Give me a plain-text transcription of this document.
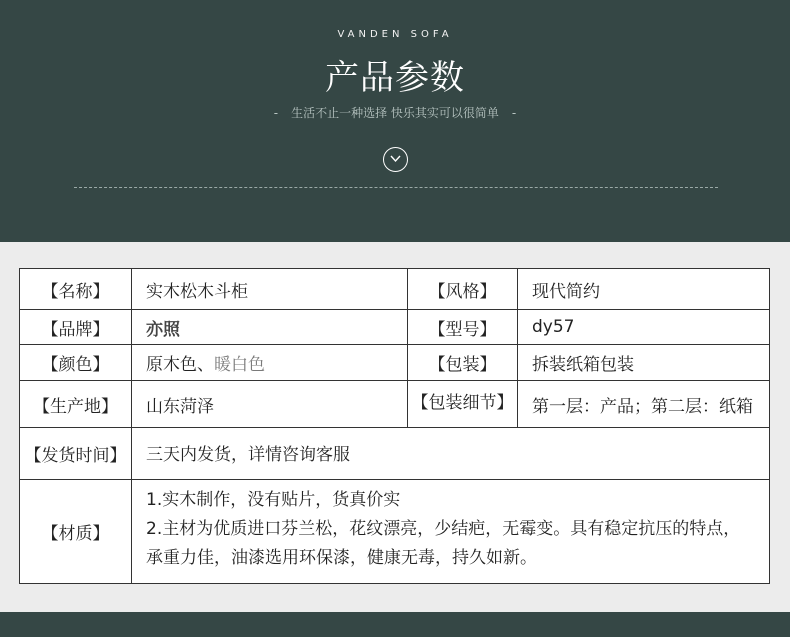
VANDEN SOFA
产品参数
- 生活不止一种选择 快乐其实可以很简单 -
【名称】	实木松木斗柜	【风格】	现代简约
【品牌】	亦照	【型号】	dy57
【颜色】	原木色、 暖白色	【包装】	拆装纸箱包装
【生产地】	山东菏泽	【包装细节】	第一层：产品；第二层：纸箱
【发货时间】	三天内发货，详情咨询客服
【材质】
1.实木制作，没有贴片，货真价实
2.主材为优质进口芬兰松，花纹漂亮，少结疤，无霉变。具有稳定抗压的特点，
承重力佳，油漆选用环保漆，健康无毒，持久如新。
